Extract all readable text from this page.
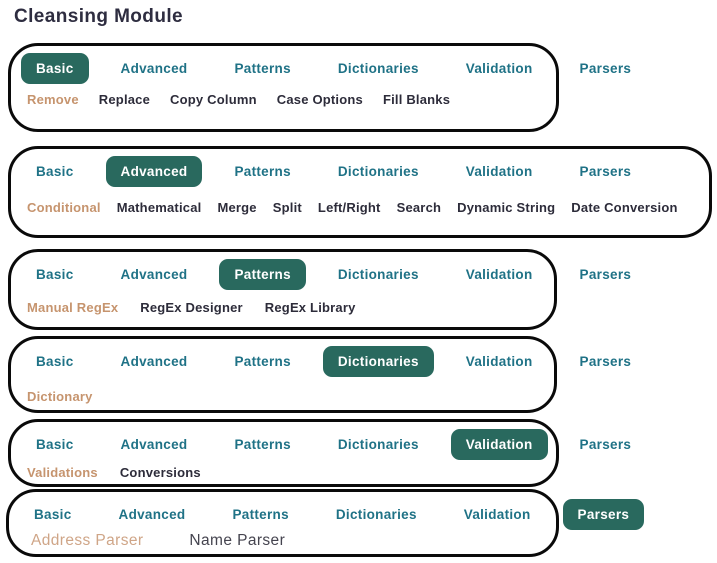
Cleansing Module
Basic	Advanced	Patterns	Dictionaries	Validation	Parsers
Remove Replace Copy Column Case Options Fill Blanks
Basic	Advanced	Patterns	Dictionaries	Validation	Parsers
Conditional Mathematical Merge Split Left/Right Search Dynamic String Date Conversion
Basic	Advanced	Patterns	Dictionaries	Validation	Parsers
Manual RegEx RegEx Designer RegEx Library
Basic	Advanced	Patterns	Dictionaries	Validation	Parsers
Dictionary
Basic	Advanced	Patterns	Dictionaries	Validation	Parsers
Validations Conversions
Basic	Advanced	Patterns	Dictionaries	Validation	Parsers
Address Parser	Name Parser
